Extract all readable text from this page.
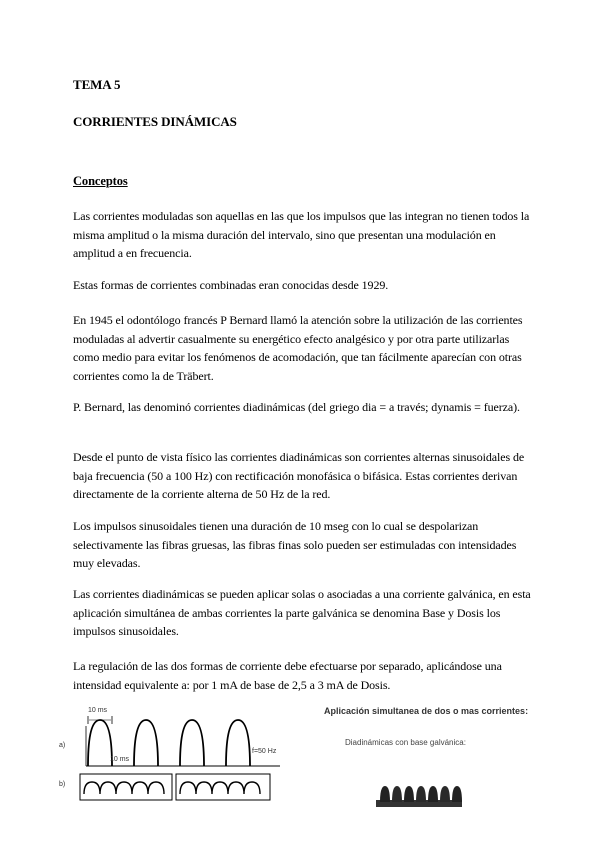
TEMA 5
CORRIENTES DINÁMICAS
Conceptos
Las corrientes moduladas son aquellas en las que los impulsos que las integran no tienen todos la misma amplitud o la misma duración del intervalo, sino que presentan una modulación en amplitud a en frecuencia.
Estas formas de corrientes combinadas eran conocidas desde 1929.
En 1945 el odontólogo francés P Bernard llamó la atención sobre la utilización de las corrientes moduladas al advertir casualmente su energético efecto analgésico y por otra parte utilizarlas como medio para evitar los fenómenos de acomodación, que tan fácilmente aparecían con otras corrientes como la de Träbert.
P. Bernard, las denominó corrientes diadinámicas (del griego dia = a través; dynamis = fuerza).
Desde el punto de vista físico las corrientes diadinámicas son corrientes alternas sinusoidales de baja frecuencia (50 a 100 Hz) con rectificación monofásica o bifásica. Estas corrientes derivan directamente de la corriente alterna de 50 Hz de la red.
Los impulsos sinusoidales tienen una duración de 10 mseg con lo cual se despolarizan selectivamente las fibras gruesas, las fibras finas solo pueden ser estimuladas con intensidades muy elevadas.
Las corrientes diadinámicas se pueden aplicar solas o asociadas a una corriente galvánica, en esta aplicación simultánea de ambas corrientes la parte galvánica se denomina Base y Dosis los impulsos sinusoidales.
La regulación de las dos formas de corriente debe efectuarse por separado, aplicándose una intensidad equivalente a: por 1 mA de base de 2,5 a 3 mA de Dosis.
a)
b)
10 ms
10 ms
f=50 Hz
Aplicación simultanea de dos o mas corrientes:
Diadinámicas con base galvánica:
